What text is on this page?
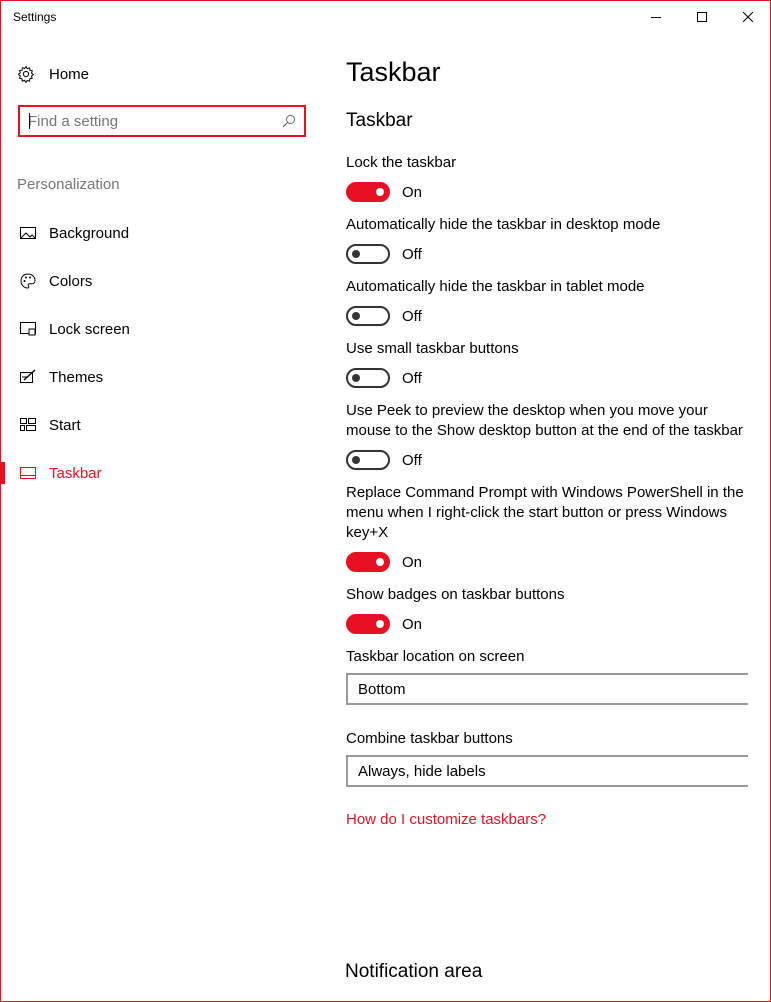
Settings
Home
Find a setting
Personalization
Background
Colors
Lock screen
Themes
Start
Taskbar
Taskbar
Taskbar
Lock the taskbar
On
Automatically hide the taskbar in desktop mode
Off
Automatically hide the taskbar in tablet mode
Off
Use small taskbar buttons
Off
Use Peek to preview the desktop when you move your mouse to the Show desktop button at the end of the taskbar
Off
Replace Command Prompt with Windows PowerShell in the menu when I right-click the start button or press Windows key+X
On
Show badges on taskbar buttons
On
Taskbar location on screen
Bottom
Combine taskbar buttons
Always, hide labels
How do I customize taskbars?
Notification area
